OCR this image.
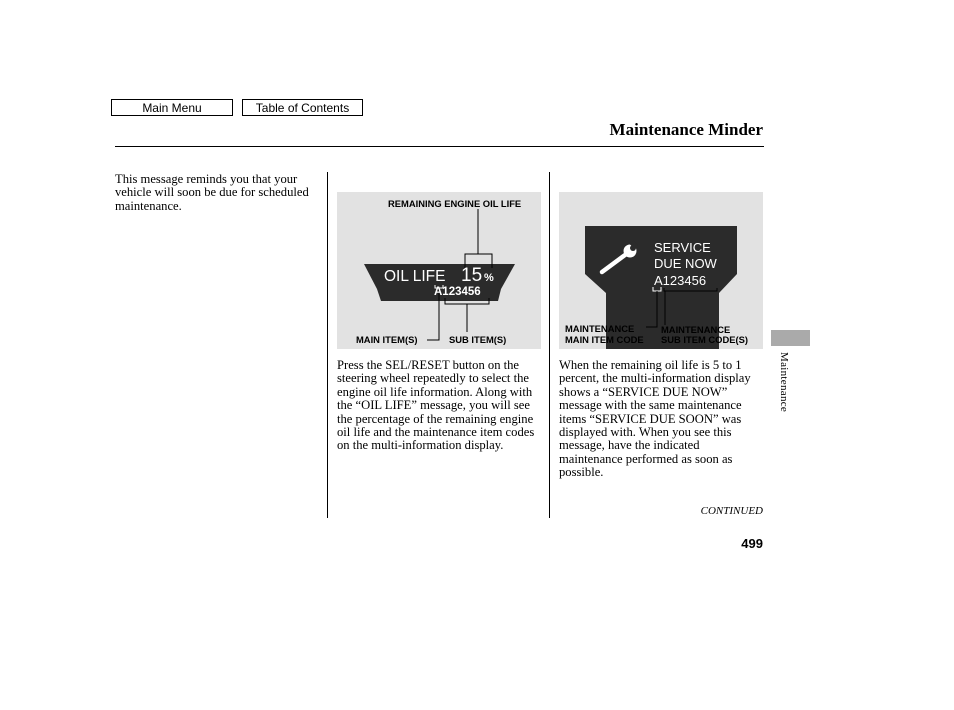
Main Menu	Table of Contents
Maintenance Minder
This message reminds you that your vehicle will soon be due for scheduled maintenance.	REMAINING ENGINE OIL LIFE
MAIN ITEM(S)	SUB ITEM(S)
OIL LIFE 15 %
A123456
SERVICE
DUE NOW
A123456
MAINTENANCE
MAIN ITEM CODE
MAINTENANCE
SUB ITEM CODE(S)
Press the SEL/RESET button on the steering wheel repeatedly to select the engine oil life information. Along with the “OIL LIFE” message, you will see the percentage of the remaining engine oil life and the maintenance item codes on the multi-information display.
When the remaining oil life is 5 to 1 percent, the multi-information display shows a “SERVICE DUE NOW” message with the same maintenance items “SERVICE DUE SOON” was displayed with. When you see this message, have the indicated maintenance performed as soon as possible.
CONTINUED
499
Maintenance
